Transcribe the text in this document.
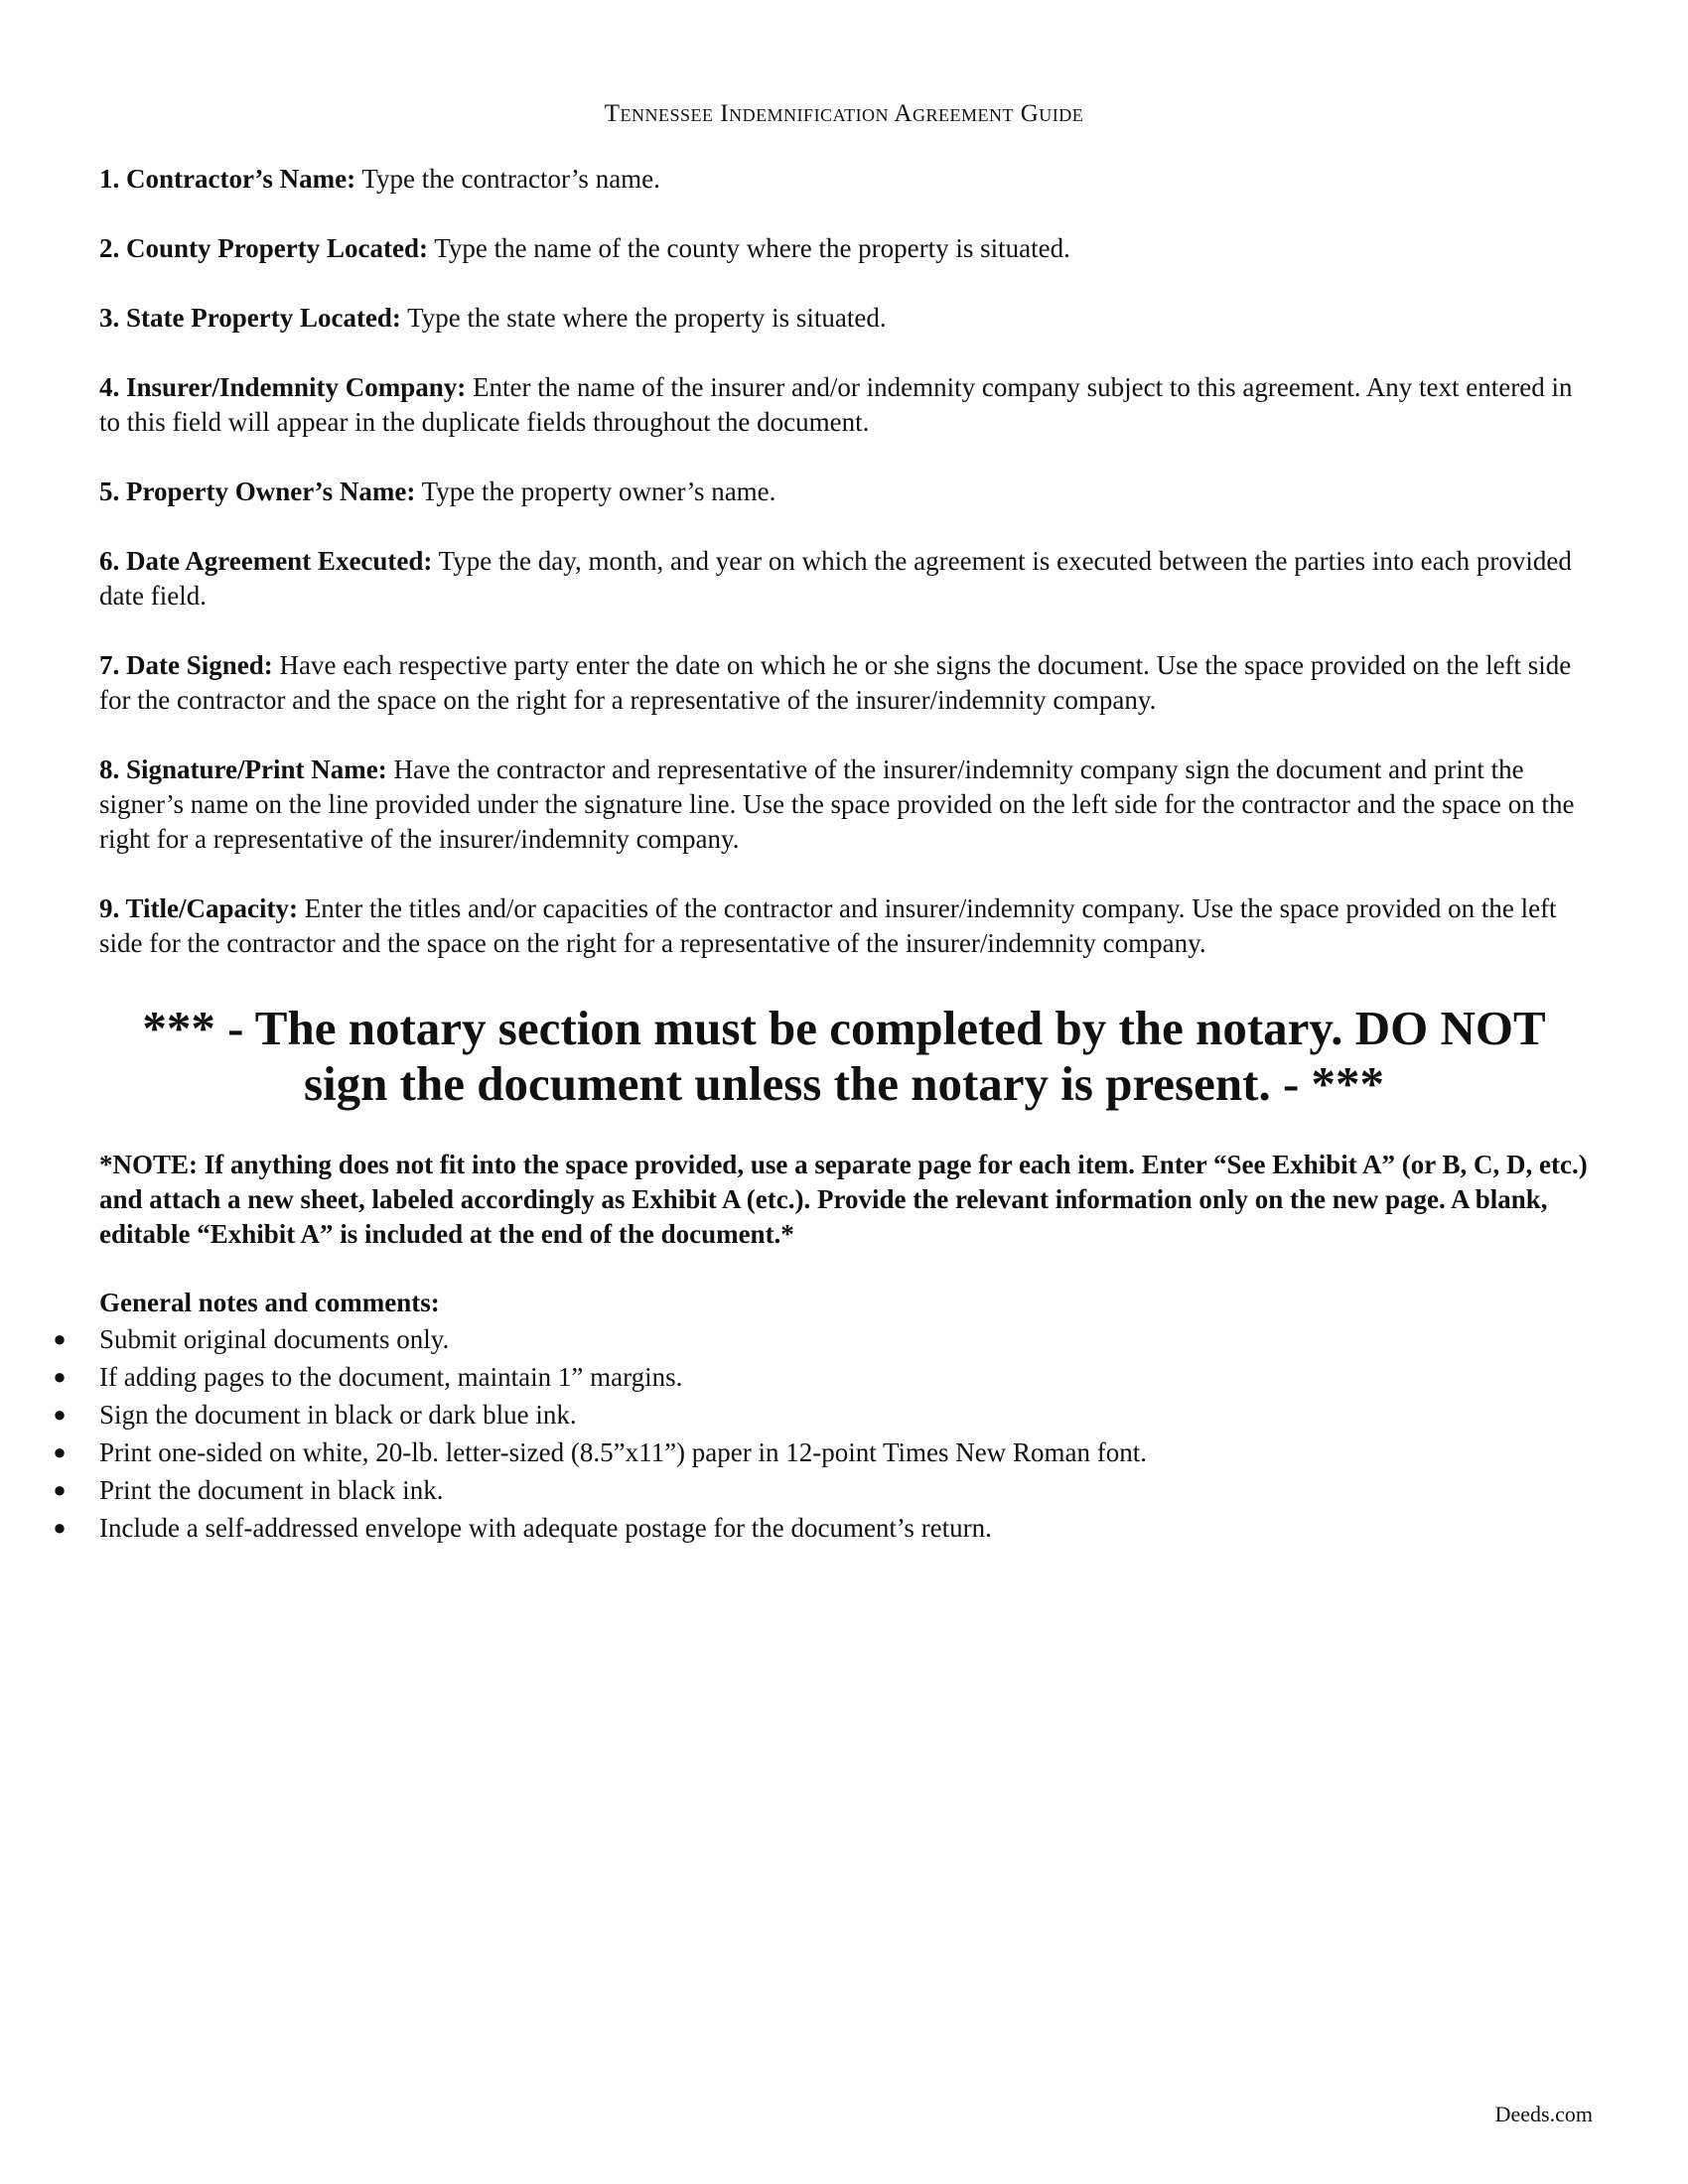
Tennessee Indemnification Agreement Guide

1. Contractor’s Name: Type the contractor’s name.

2. County Property Located: Type the name of the county where the property is situated.

3. State Property Located: Type the state where the property is situated.

4. Insurer/Indemnity Company: Enter the name of the insurer and/or indemnity company subject to this agreement. Any text entered in to this field will appear in the duplicate fields throughout the document.

5. Property Owner’s Name: Type the property owner’s name.

6. Date Agreement Executed: Type the day, month, and year on which the agreement is executed between the parties into each provided date field.

7. Date Signed: Have each respective party enter the date on which he or she signs the document. Use the space provided on the left side for the contractor and the space on the right for a representative of the insurer/indemnity company.

8. Signature/Print Name: Have the contractor and representative of the insurer/indemnity company sign the document and print the signer’s name on the line provided under the signature line. Use the space provided on the left side for the contractor and the space on the right for a representative of the insurer/indemnity company.

9. Title/Capacity: Enter the titles and/or capacities of the contractor and insurer/indemnity company. Use the space provided on the left side for the contractor and the space on the right for a representative of the insurer/indemnity company.

*** - The notary section must be completed by the notary. DO NOT sign the document unless the notary is present. - ***

*NOTE: If anything does not fit into the space provided, use a separate page for each item. Enter “See Exhibit A” (or B, C, D, etc.) and attach a new sheet, labeled accordingly as Exhibit A (etc.). Provide the relevant information only on the new page. A blank, editable “Exhibit A” is included at the end of the document.*

General notes and comments:

● Submit original documents only.
● If adding pages to the document, maintain 1” margins.
● Sign the document in black or dark blue ink.
● Print one-sided on white, 20-lb. letter-sized (8.5”x11”) paper in 12-point Times New Roman font.
● Print the document in black ink.
● Include a self-addressed envelope with adequate postage for the document’s return.
Deeds.com
